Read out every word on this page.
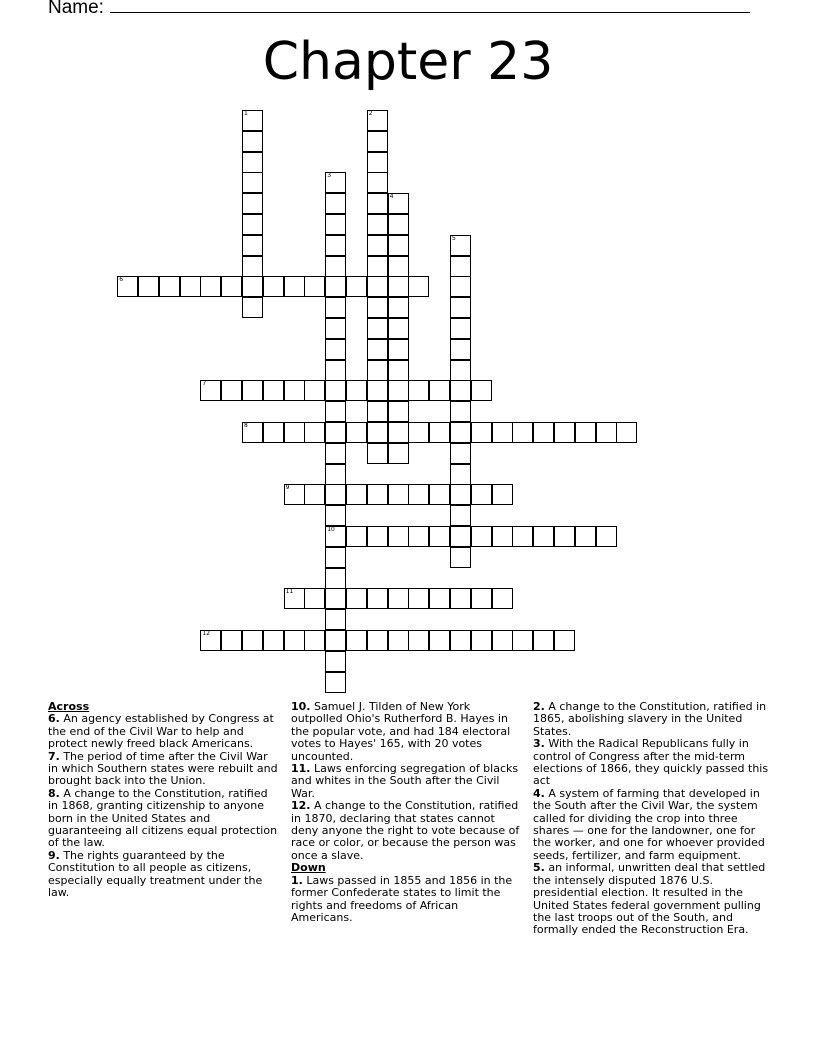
Name:
Chapter 23
1	2
3
10
4
5
6
7
8
9
11
12
Across
6. An agency established by Congress at the end of the Civil War to help and protect newly freed black Americans.
7. The period of time after the Civil War in which Southern states were rebuilt and brought back into the Union.
8. A change to the Constitution, ratified in 1868, granting citizenship to anyone born in the United States and guaranteeing all citizens equal protection of the law.
9. The rights guaranteed by the Constitution to all people as citizens, especially equally treatment under the law.
10. Samuel J. Tilden of New York outpolled Ohio's Rutherford B. Hayes in the popular vote, and had 184 electoral votes to Hayes' 165, with 20 votes uncounted.
11. Laws enforcing segregation of blacks and whites in the South after the Civil War.
12. A change to the Constitution, ratified in 1870, declaring that states cannot deny anyone the right to vote because of race or color, or because the person was once a slave.
Down
1. Laws passed in 1855 and 1856 in the former Confederate states to limit the rights and freedoms of African Americans.
2. A change to the Constitution, ratified in 1865, abolishing slavery in the United States.
3. With the Radical Republicans fully in control of Congress after the mid-term elections of 1866, they quickly passed this act
4. A system of farming that developed in the South after the Civil War, the system called for dividing the crop into three shares — one for the landowner, one for the worker, and one for whoever provided seeds, fertilizer, and farm equipment.
5. an informal, unwritten deal that settled the intensely disputed 1876 U.S. presidential election. It resulted in the United States federal government pulling the last troops out of the South, and formally ended the Reconstruction Era.
